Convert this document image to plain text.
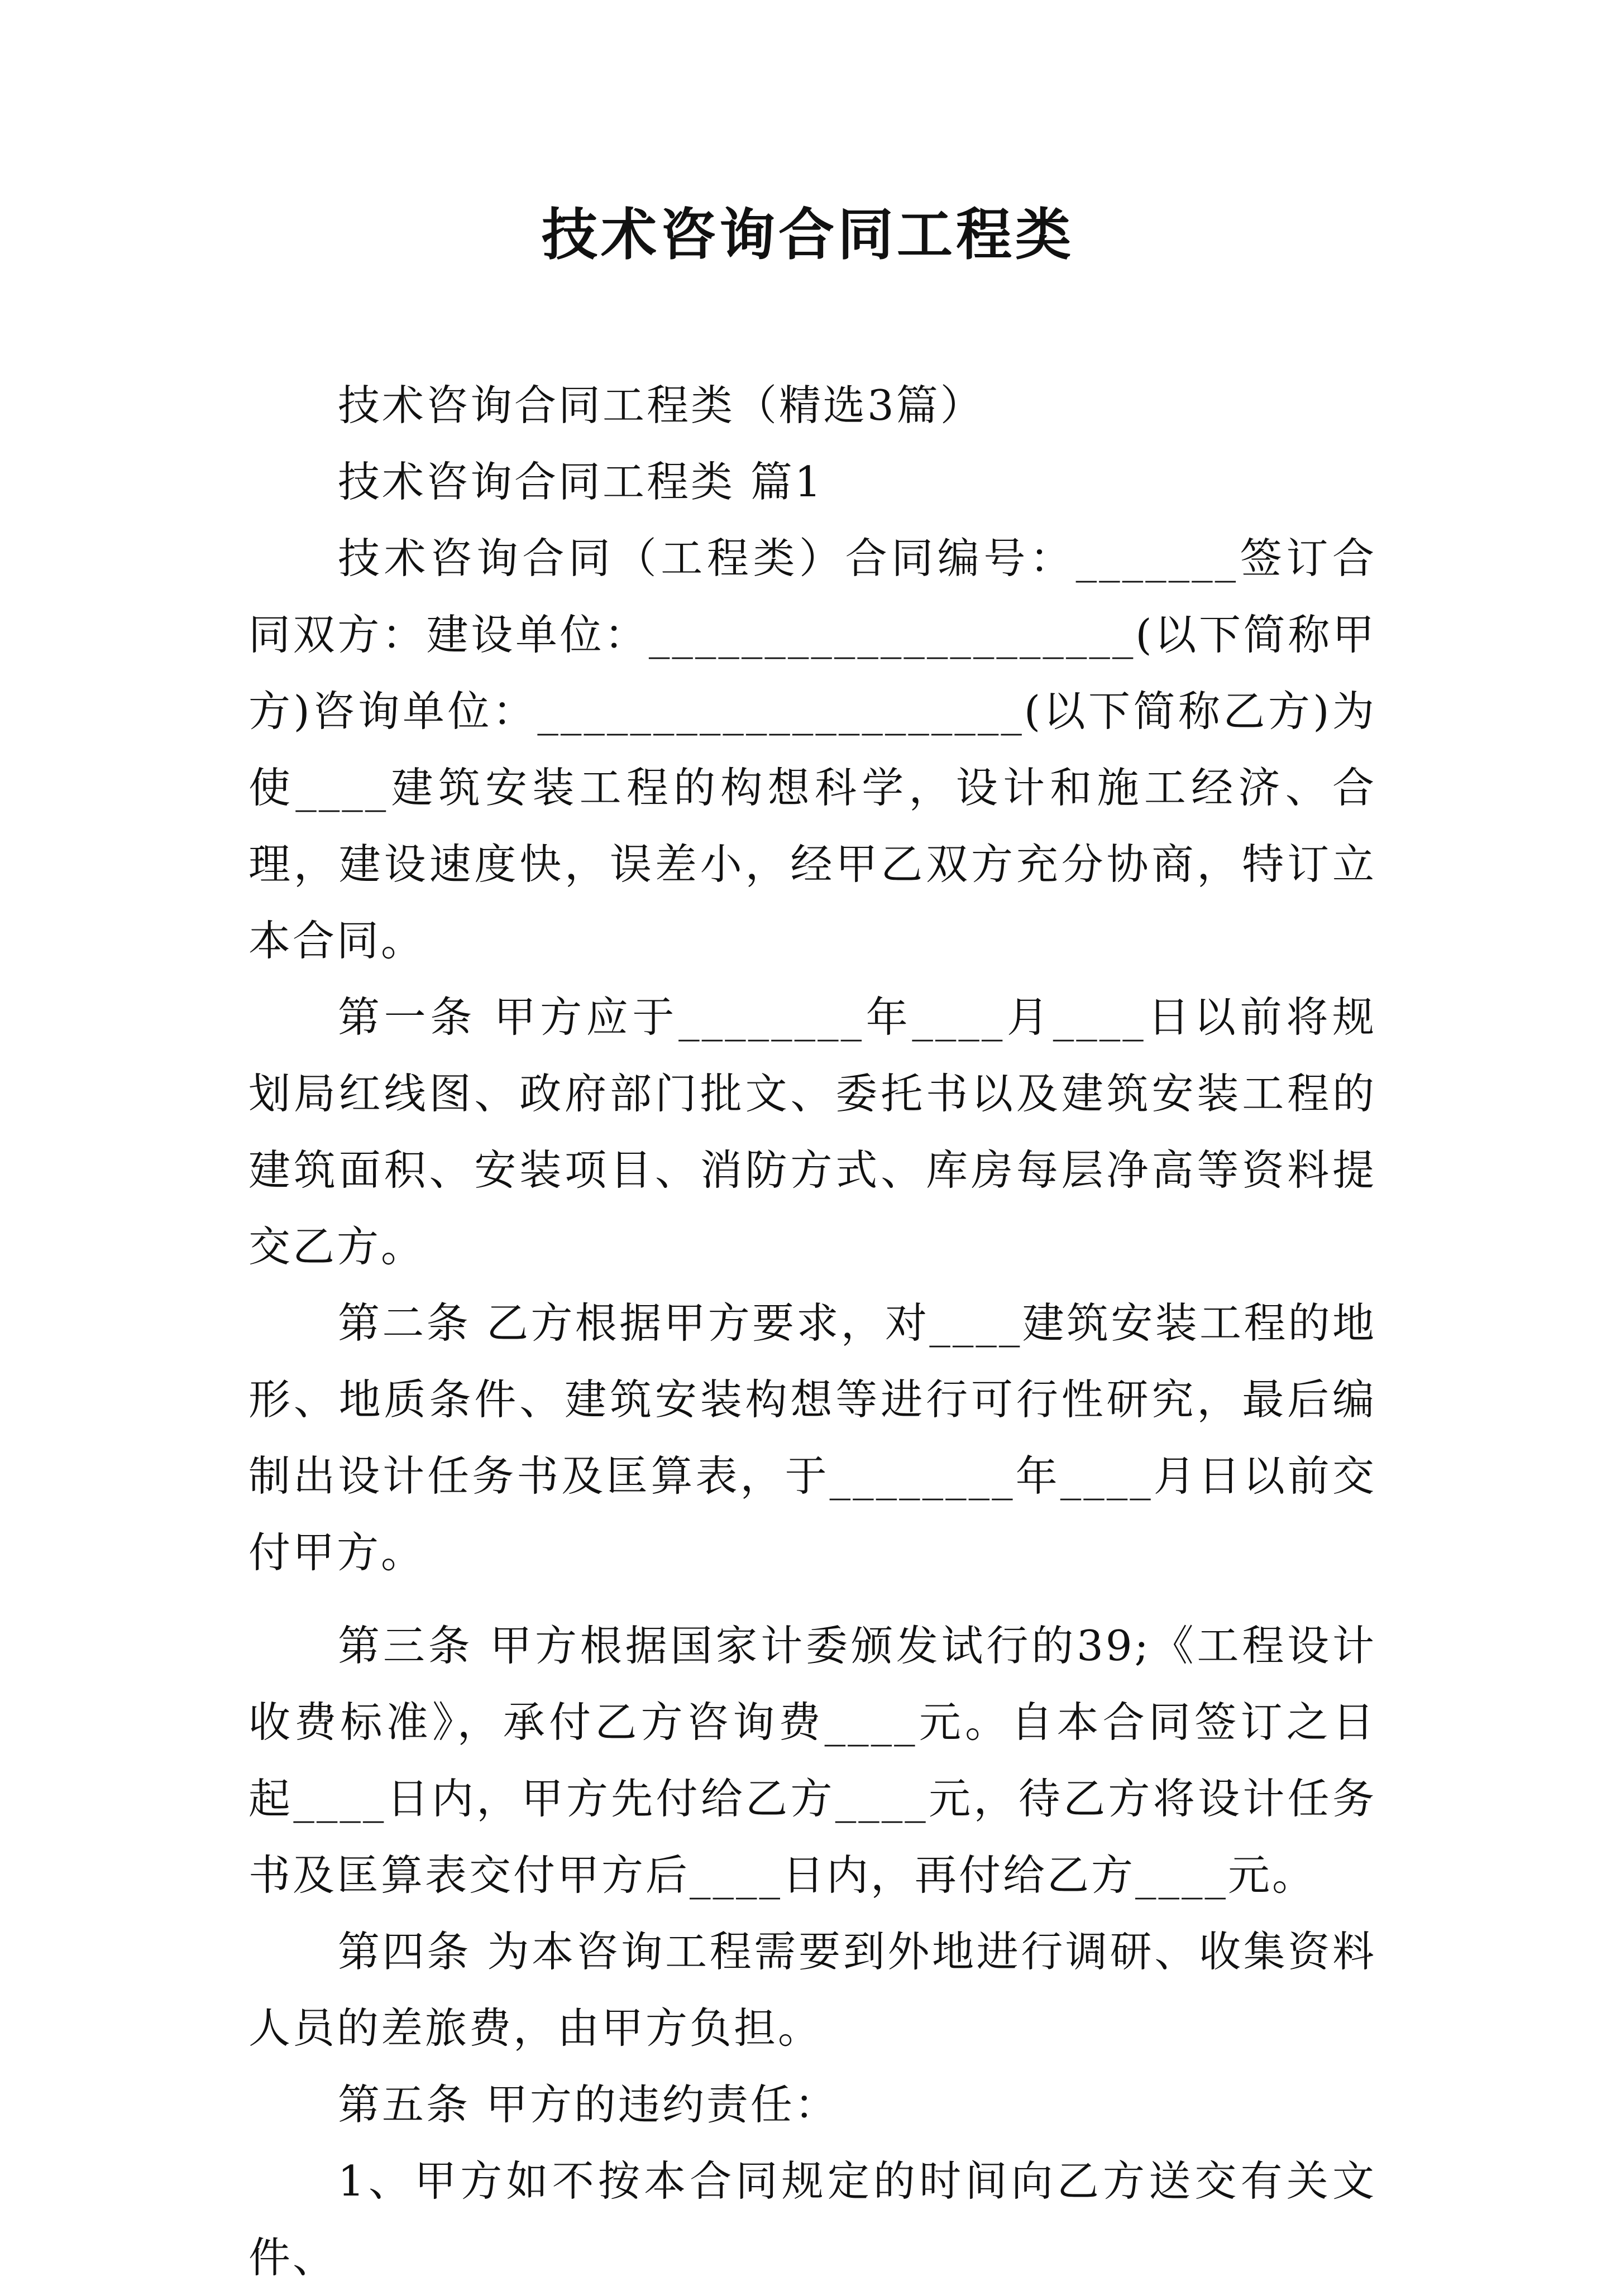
技术咨询合同工程类

技术咨询合同工程类（精选3篇）

技术咨询合同工程类 篇1

技术咨询合同（工程类）合同编号：_______签订合同双方：建设单位：_____________________(以下简称甲方)咨询单位：_____________________(以下简称乙方)为使____建筑安装工程的构想科学，设计和施工经济、合理，建设速度快，误差小，经甲乙双方充分协商，特订立本合同。

第一条 甲方应于________年____月____日以前将规划局红线图、政府部门批文、委托书以及建筑安装工程的建筑面积、安装项目、消防方式、库房每层净高等资料提交乙方。

第二条 乙方根据甲方要求，对____建筑安装工程的地形、地质条件、建筑安装构想等进行可行性研究，最后编制出设计任务书及匡算表，于________年____月日以前交付甲方。

第三条 甲方根据国家计委颁发试行的39;《工程设计收费标准》，承付乙方咨询费____元。自本合同签订之日起____日内，甲方先付给乙方____元，待乙方将设计任务书及匡算表交付甲方后____日内，再付给乙方____元。

第四条 为本咨询工程需要到外地进行调研、收集资料人员的差旅费，由甲方负担。

第五条 甲方的违约责任：

1、甲方如不按本合同规定的时间向乙方送交有关文件、
